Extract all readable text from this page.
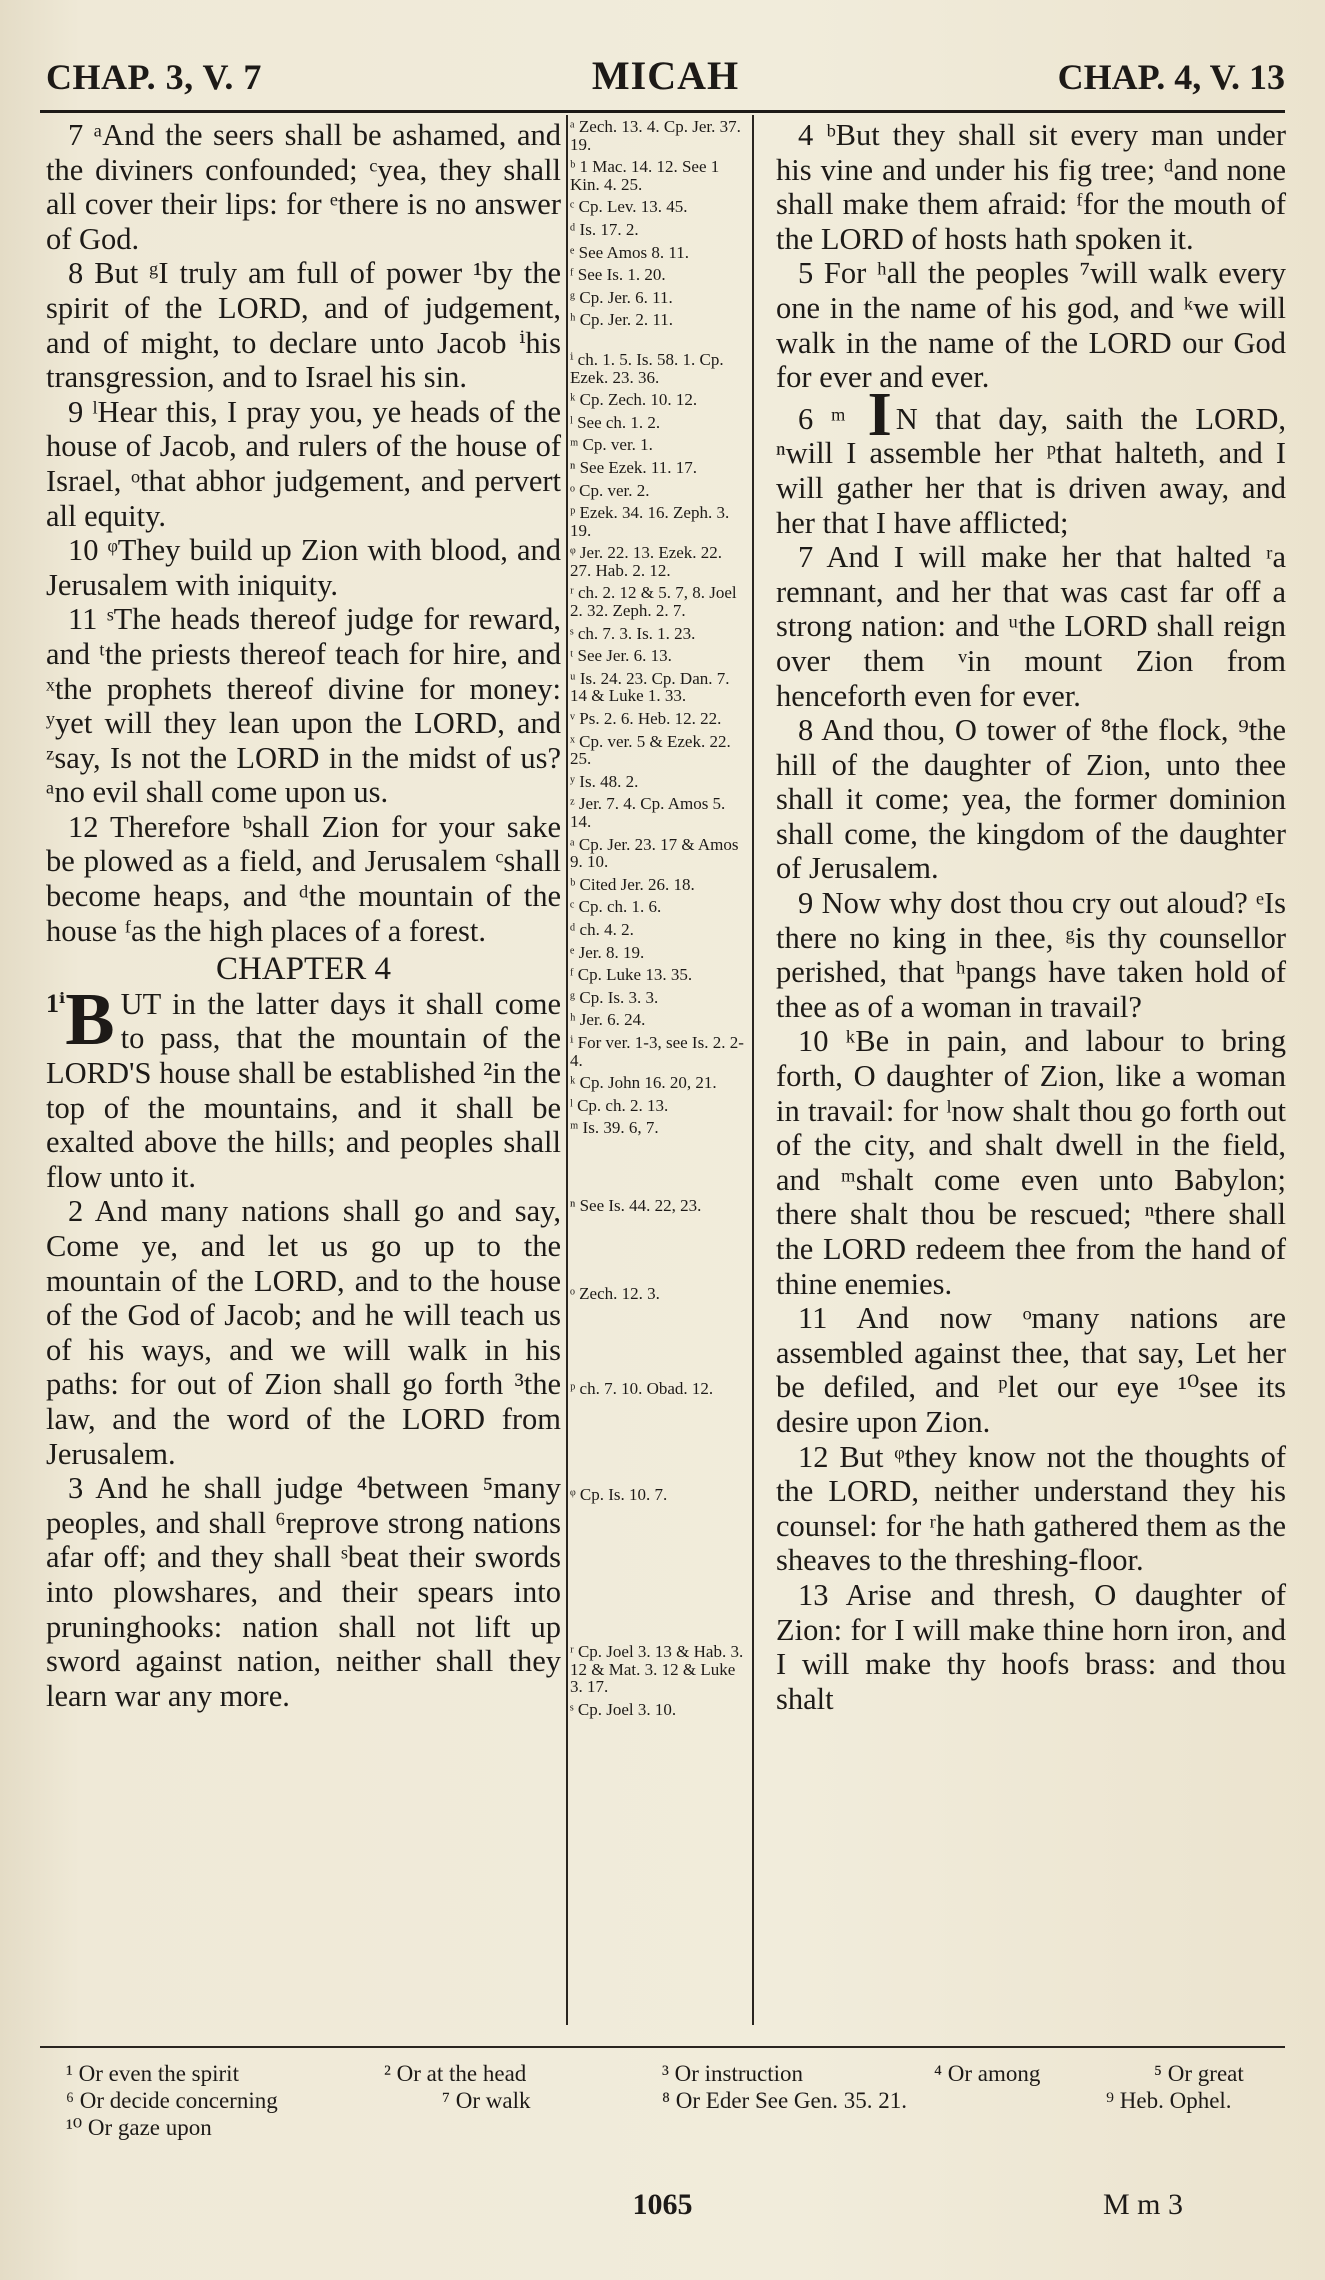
CHAP. 3, V. 7	MICAH	CHAP. 4, V. 13

7 ᵃAnd the seers shall be ashamed, and the diviners confounded; ᶜyea, they shall all cover their lips: for ᵉthere is no answer of God.

8 But ᵍI truly am full of power ¹by the spirit of the LORD, and of judgement, and of might, to declare unto Jacob ⁱhis transgression, and to Israel his sin.

9 ˡHear this, I pray you, ye heads of the house of Jacob, and rulers of the house of Israel, ᵒthat abhor judgement, and pervert all equity.

10 ᵠThey build up Zion with blood, and Jerusalem with iniquity.

11 ˢThe heads thereof judge for reward, and ᵗthe priests thereof teach for hire, and ˣthe prophets thereof divine for money: ʸyet will they lean upon the LORD, and ᶻsay, Is not the LORD in the midst of us? ᵃno evil shall come upon us.

12 Therefore ᵇshall Zion for your sake be plowed as a field, and Jerusalem ᶜshall become heaps, and ᵈthe mountain of the house ᶠas the high places of a forest.

CHAPTER 4

$^{1^i}$B UT in the latter days it shall come to pass, that the mountain of the LORD'S house shall be established ²in the top of the mountains, and it shall be exalted above the hills; and peoples shall flow unto it.

2 And many nations shall go and say, Come ye, and let us go up to the mountain of the LORD, and to the house of the God of Jacob; and he will teach us of his ways, and we will walk in his paths: for out of Zion shall go forth ³the law, and the word of the LORD from Jerusalem.

3 And he shall judge ⁴between ⁵many peoples, and shall ⁶reprove strong nations afar off; and they shall ˢbeat their swords into plowshares, and their spears into pruninghooks: nation shall not lift up sword against nation, neither shall they learn war any more.

ᵃ Zech. 13. 4. Cp. Jer. 37. 19.

ᵇ 1 Mac. 14. 12. See 1 Kin. 4. 25.

ᶜ Cp. Lev. 13. 45.

ᵈ Is. 17. 2.

ᵉ See Amos 8. 11.

ᶠ See Is. 1. 20.

ᵍ Cp. Jer. 6. 11.

ʰ Cp. Jer. 2. 11.

ⁱ ch. 1. 5. Is. 58. 1. Cp. Ezek. 23. 36.

ᵏ Cp. Zech. 10. 12.

ˡ See ch. 1. 2.

ᵐ Cp. ver. 1.

ⁿ See Ezek. 11. 17.

ᵒ Cp. ver. 2.

ᵖ Ezek. 34. 16. Zeph. 3. 19.

ᵠ Jer. 22. 13. Ezek. 22. 27. Hab. 2. 12.

ʳ ch. 2. 12 & 5. 7, 8. Joel 2. 32. Zeph. 2. 7.

ˢ ch. 7. 3. Is. 1. 23.

ᵗ See Jer. 6. 13.

ᵘ Is. 24. 23. Cp. Dan. 7. 14 & Luke 1. 33.

ᵛ Ps. 2. 6. Heb. 12. 22.

ˣ Cp. ver. 5 & Ezek. 22. 25.

ʸ Is. 48. 2.

ᶻ Jer. 7. 4. Cp. Amos 5. 14.

ᵃ Cp. Jer. 23. 17 & Amos 9. 10.

ᵇ Cited Jer. 26. 18.

ᶜ Cp. ch. 1. 6.

ᵈ ch. 4. 2.

ᵉ Jer. 8. 19.

ᶠ Cp. Luke 13. 35.

ᵍ Cp. Is. 3. 3.

ʰ Jer. 6. 24.

ⁱ For ver. 1-3, see Is. 2. 2-4.

ᵏ Cp. John 16. 20, 21.

ˡ Cp. ch. 2. 13.

ᵐ Is. 39. 6, 7.

ⁿ See Is. 44. 22, 23.

ᵒ Zech. 12. 3.

ᵖ ch. 7. 10. Obad. 12.

ᵠ Cp. Is. 10. 7.

ʳ Cp. Joel 3. 13 & Hab. 3. 12 & Mat. 3. 12 & Luke 3. 17.

ˢ Cp. Joel 3. 10.

4 ᵇBut they shall sit every man under his vine and under his fig tree; ᵈand none shall make them afraid: ᶠfor the mouth of the LORD of hosts hath spoken it.

5 For ʰall the peoples ⁷will walk every one in the name of his god, and ᵏwe will walk in the name of the LORD our God for ever and ever.

6 ᵐ I N that day, saith the LORD, ⁿwill I assemble her ᵖthat halteth, and I will gather her that is driven away, and her that I have afflicted;

7 And I will make her that halted ʳa remnant, and her that was cast far off a strong nation: and ᵘthe LORD shall reign over them ᵛin mount Zion from henceforth even for ever.

8 And thou, O tower of ⁸the flock, ⁹the hill of the daughter of Zion, unto thee shall it come; yea, the former dominion shall come, the kingdom of the daughter of Jerusalem.

9 Now why dost thou cry out aloud? ᵉIs there no king in thee, ᵍis thy counsellor perished, that ʰpangs have taken hold of thee as of a woman in travail?

10 ᵏBe in pain, and labour to bring forth, O daughter of Zion, like a woman in travail: for ˡnow shalt thou go forth out of the city, and shalt dwell in the field, and ᵐshalt come even unto Babylon; there shalt thou be rescued; ⁿthere shall the LORD redeem thee from the hand of thine enemies.

11 And now ᵒmany nations are assembled against thee, that say, Let her be defiled, and ᵖlet our eye ¹⁰see its desire upon Zion.

12 But ᵠthey know not the thoughts of the LORD, neither understand they his counsel: for ʳhe hath gathered them as the sheaves to the threshing-floor.

13 Arise and thresh, O daughter of Zion: for I will make thine horn iron, and I will make thy hoofs brass: and thou shalt

¹ Or even the spirit	² Or at the head	³ Or instruction	⁴ Or among	⁵ Or great
⁶ Or decide concerning	⁷ Or walk	⁸ Or Eder See Gen. 35. 21.	⁹ Heb. Ophel.
¹⁰ Or gaze upon
1065	M m 3
